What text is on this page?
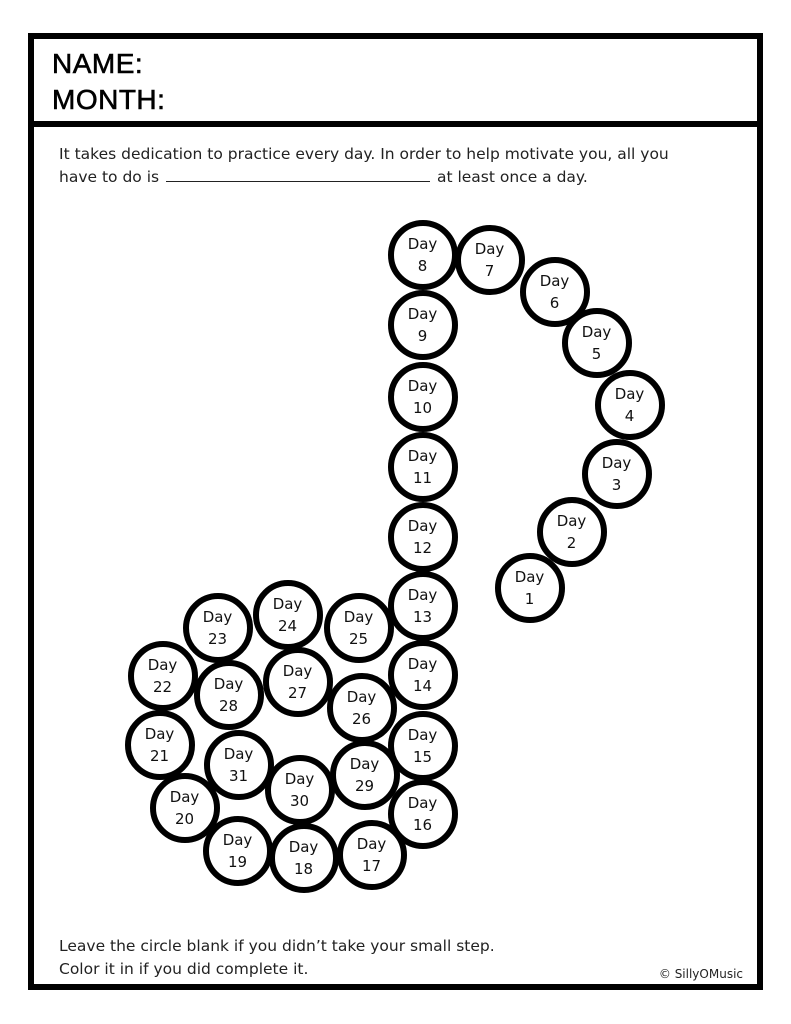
NAME:
MONTH:
It takes dedication to practice every day. In order to help motivate you, all you
have to do is	at least once a day.
Leave the circle blank if you didn’t take your small step.
Color it in if you did complete it.	© SillyOMusic
Day
1
Day
2
Day
3
Day
4
Day
5
Day
6
Day
7
Day
8
Day
9
Day
10
Day
11
Day
12
Day
13
Day
14
Day
15
Day
16
Day
17
Day
18
Day
19
Day
20
Day
21
Day
22
Day
23
Day
24	Day
25
Day
26
Day
27
Day
28
Day
29
Day
30
Day
31
